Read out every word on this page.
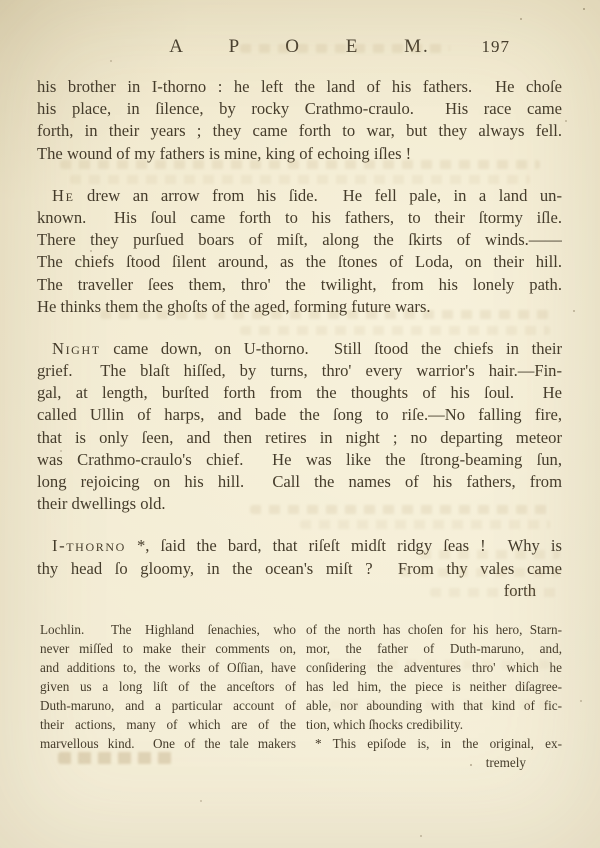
A P O E M.	197
his brother in I-thorno : he left the land of his fathers.  He choſe
his place, in ſilence, by rocky Crathmo-craulo.  His race came
forth, in their years ; they came forth to war, but they always fell.
The wound of my fathers is mine, king of echoing iſles !
He drew an arrow from his ſide.  He fell pale, in a land un-
known.  His ſoul came forth to his fathers, to their ſtormy iſle.
There they purſued boars of miſt, along the ſkirts of winds.——
The chiefs ſtood ſilent around, as the ſtones of Loda, on their hill.
The traveller ſees them, thro' the twilight, from his lonely path.
He thinks them the ghoſts of the aged, forming future wars.
Night came down, on U-thorno.  Still ſtood the chiefs in their
grief.  The blaſt hiſſed, by turns, thro' every warrior's hair.—Fin-
gal, at length, burſted forth from the thoughts of his ſoul.  He
called Ullin of harps, and bade the ſong to riſe.—No falling fire,
that is only ſeen, and then retires in night ; no departing meteor
was Crathmo-craulo's chief.  He was like the ſtrong-beaming ſun,
long rejoicing on his hill.  Call the names of his fathers, from
their dwellings old.
I-thorno *, ſaid the bard, that riſeſt midſt ridgy ſeas !  Why is
thy head ſo gloomy, in the ocean's miſt ?  From thy vales came
forth
Lochlin.  The Highland ſenachies, who
never miſſed to make their comments on,
and additions to, the works of Oſſian, have
given us a long liſt of the anceſtors of
Duth-maruno, and a particular account of
their actions, many of which are of the
marvellous kind.  One of the tale makers
of the north has choſen for his hero, Starn-
mor, the father of Duth-maruno, and,
conſidering the adventures thro' which he
has led him, the piece is neither diſagree-
able, nor abounding with that kind of fic-
tion, which ſhocks credibility.
* This epiſode is, in the original, ex-
tremely
